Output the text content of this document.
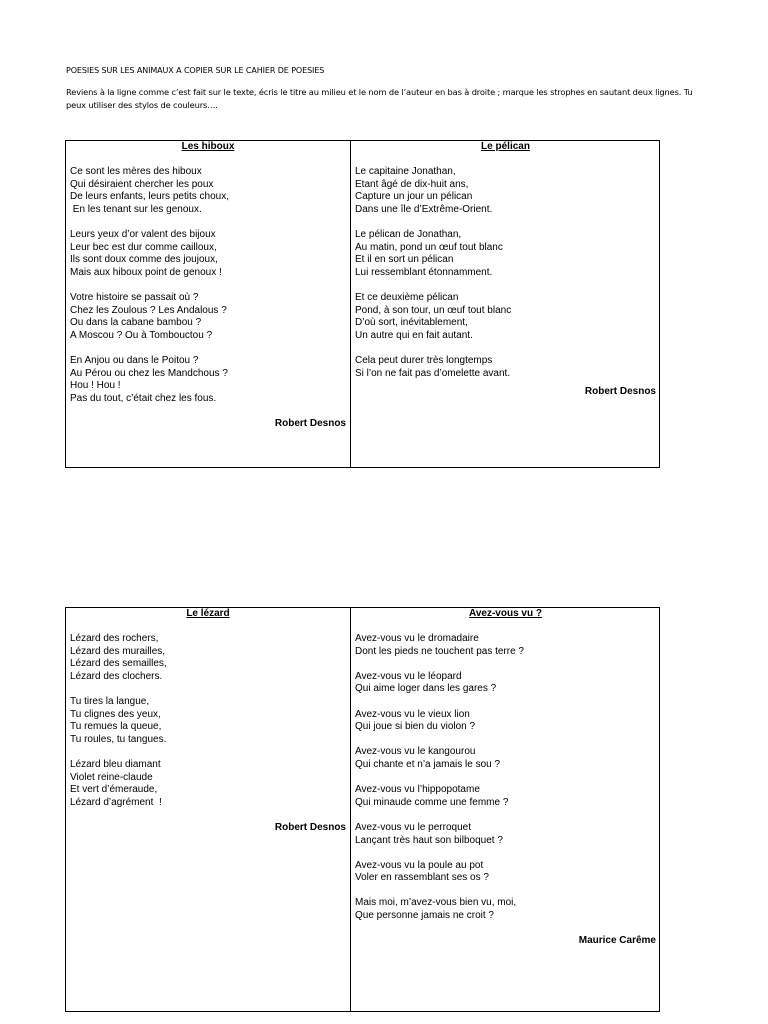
POESIES SUR LES ANIMAUX A COPIER SUR LE CAHIER DE POESIES
Reviens à la ligne comme c’est fait sur le texte, écris le titre au milieu et le nom de l’auteur en bas à droite ; marque les strophes en sautant deux lignes. Tu peux utiliser des stylos de couleurs….
Les hiboux
Ce sont les mères des hiboux
Qui désiraient chercher les poux
De leurs enfants, leurs petits choux,
En les tenant sur les genoux.
Leurs yeux d’or valent des bijoux
Leur bec est dur comme cailloux,
Ils sont doux comme des joujoux,
Mais aux hiboux point de genoux !
Votre histoire se passait où ?
Chez les Zoulous ? Les Andalous ?
Ou dans la cabane bambou ?
A Moscou ? Ou à Tombouctou ?
En Anjou ou dans le Poitou ?
Au Pérou ou chez les Mandchous ?
Hou ! Hou !
Pas du tout, c’était chez les fous.
Robert Desnos
Le pélican
Le capitaine Jonathan,
Etant âgé de dix-huit ans,
Capture un jour un pélican
Dans une île d’Extrême-Orient.
Le pélican de Jonathan,
Au matin, pond un œuf tout blanc
Et il en sort un pélican
Lui ressemblant étonnamment.
Et ce deuxième pélican
Pond, à son tour, un œuf tout blanc
D’où sort, inévitablement,
Un autre qui en fait autant.
Cela peut durer très longtemps
Si l’on ne fait pas d’omelette avant.
Robert Desnos
Le lézard
Lézard des rochers,
Lézard des murailles,
Lézard des semailles,
Lézard des clochers.
Tu tires la langue,
Tu clignes des yeux,
Tu remues la queue,
Tu roules, tu tangues.
Lézard bleu diamant
Violet reine-claude
Et vert d’émeraude,
Lézard d’agrément  !
Robert Desnos
Avez-vous vu ?
Avez-vous vu le dromadaire
Dont les pieds ne touchent pas terre ?
Avez-vous vu le léopard
Qui aime loger dans les gares ?
Avez-vous vu le vieux lion
Qui joue si bien du violon ?
Avez-vous vu le kangourou
Qui chante et n’a jamais le sou ?
Avez-vous vu l’hippopotame
Qui minaude comme une femme ?
Avez-vous vu le perroquet
Lançant très haut son bilboquet ?
Avez-vous vu la poule au pot
Voler en rassemblant ses os ?
Mais moi, m’avez-vous bien vu, moi,
Que personne jamais ne croit ?
Maurice Carême
